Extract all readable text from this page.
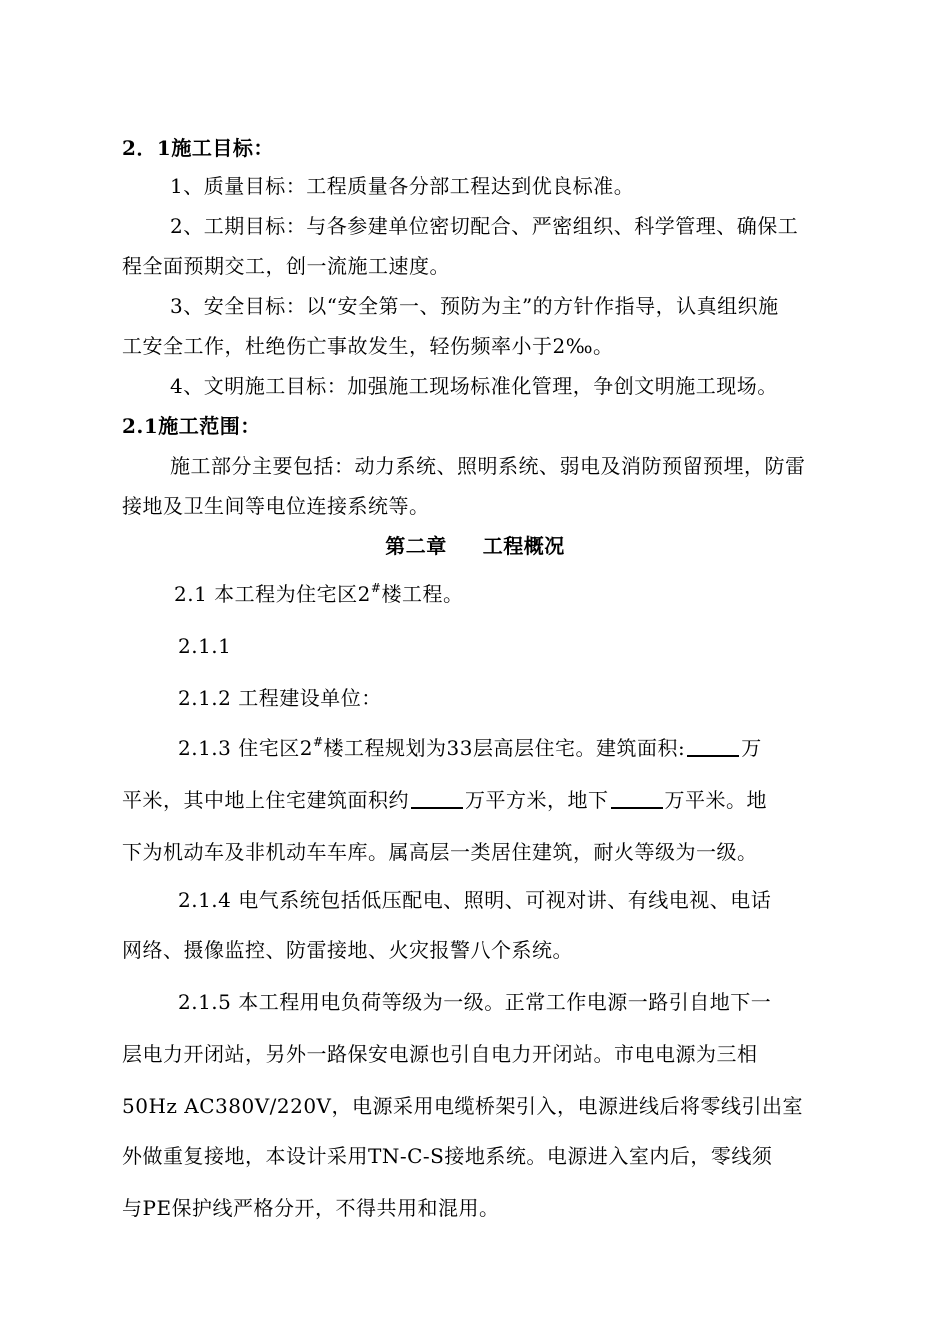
2．1施工目标：
1、质量目标：工程质量各分部工程达到优良标准。
2、工期目标：与各参建单位密切配合、严密组织、科学管理、确保工
程全面预期交工，创一流施工速度。
3、安全目标：以“安全第一、预防为主”的方针作指导，认真组织施
工安全工作，杜绝伤亡事故发生，轻伤频率小于2‰。
4、文明施工目标：加强施工现场标准化管理，争创文明施工现场。
2.1施工范围：
施工部分主要包括：动力系统、照明系统、弱电及消防预留预埋，防雷
接地及卫生间等电位连接系统等。
第二章 工程概况
2.1 本工程为住宅区2#楼工程。
2.1.1
2.1.2 工程建设单位：
2.1.3 住宅区2#楼工程规划为33层高层住宅。建筑面积:	万
平米，其中地上住宅建筑面积约	万平方米，地下	万平米。地
下为机动车及非机动车车库。属高层一类居住建筑，耐火等级为一级。
2.1.4 电气系统包括低压配电、照明、可视对讲、有线电视、电话
网络、摄像监控、防雷接地、火灾报警八个系统。
2.1.5 本工程用电负荷等级为一级。正常工作电源一路引自地下一
层电力开闭站，另外一路保安电源也引自电力开闭站。市电电源为三相
50Hz AC380V/220V，电源采用电缆桥架引入，电源进线后将零线引出室
外做重复接地，本设计采用TN-C-S接地系统。电源进入室内后，零线须
与PE保护线严格分开，不得共用和混用。
